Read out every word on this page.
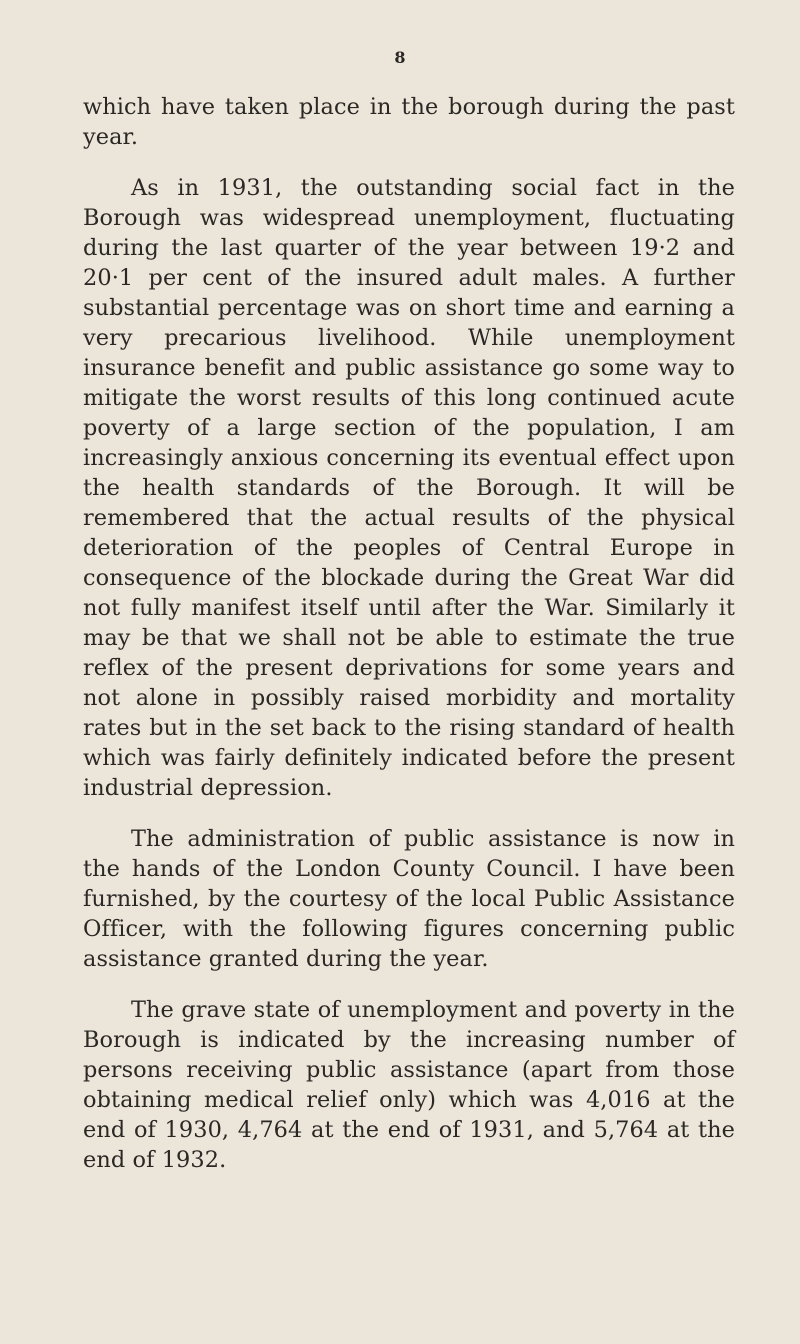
8

which have taken place in the borough during the past year.

As in 1931, the outstanding social fact in the Borough was widespread unemployment, fluctuating during the last quarter of the year between 19·2 and 20·1 per cent of the insured adult males. A further substantial percentage was on short time and earning a very precarious livelihood. While unemployment insurance benefit and public assistance go some way to mitigate the worst results of this long continued acute poverty of a large section of the population, I am increasingly anxious concerning its eventual effect upon the health standards of the Borough. It will be remembered that the actual results of the physical deterioration of the peoples of Central Europe in consequence of the blockade during the Great War did not fully manifest itself until after the War. Similarly it may be that we shall not be able to estimate the true reflex of the present deprivations for some years and not alone in possibly raised morbidity and mortality rates but in the set back to the rising standard of health which was fairly definitely indicated before the present industrial depression.

The administration of public assistance is now in the hands of the London County Council. I have been furnished, by the courtesy of the local Public Assistance Officer, with the following figures concerning public assistance granted during the year.

The grave state of unemployment and poverty in the Borough is indicated by the increasing number of persons receiving public assistance (apart from those obtaining medical relief only) which was 4,016 at the end of 1930, 4,764 at the end of 1931, and 5,764 at the end of 1932.
